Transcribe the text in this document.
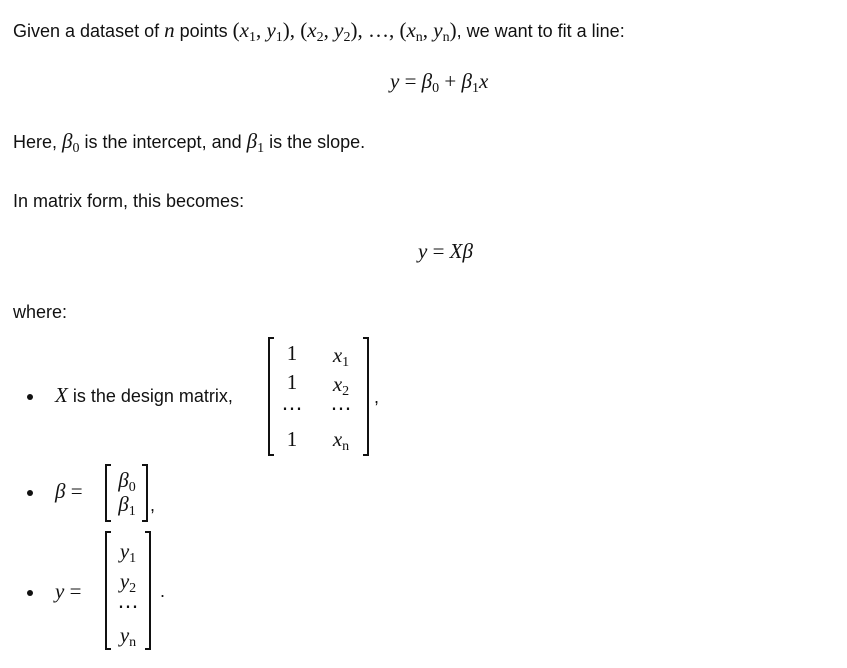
Given a dataset of n points ($x_1$, $y_1$), ($x_2$, $y_2$), …, ($x_n$, $y_n$), we want to fit a line:
$y = \beta_0 + \beta_1x$
Here, $\beta_0$ is the intercept, and $\beta_1$ is the slope.
In matrix form, this becomes:
y = Xβ
where:
X is the design matrix,
1	$x_1$
1	$x_2$
⋯ ⋯
1	$x_n$
,
β =	$\beta_0$
$\beta_1$ ,
y =
$y_1$
$y_2$
⋯
$y_n$
.
